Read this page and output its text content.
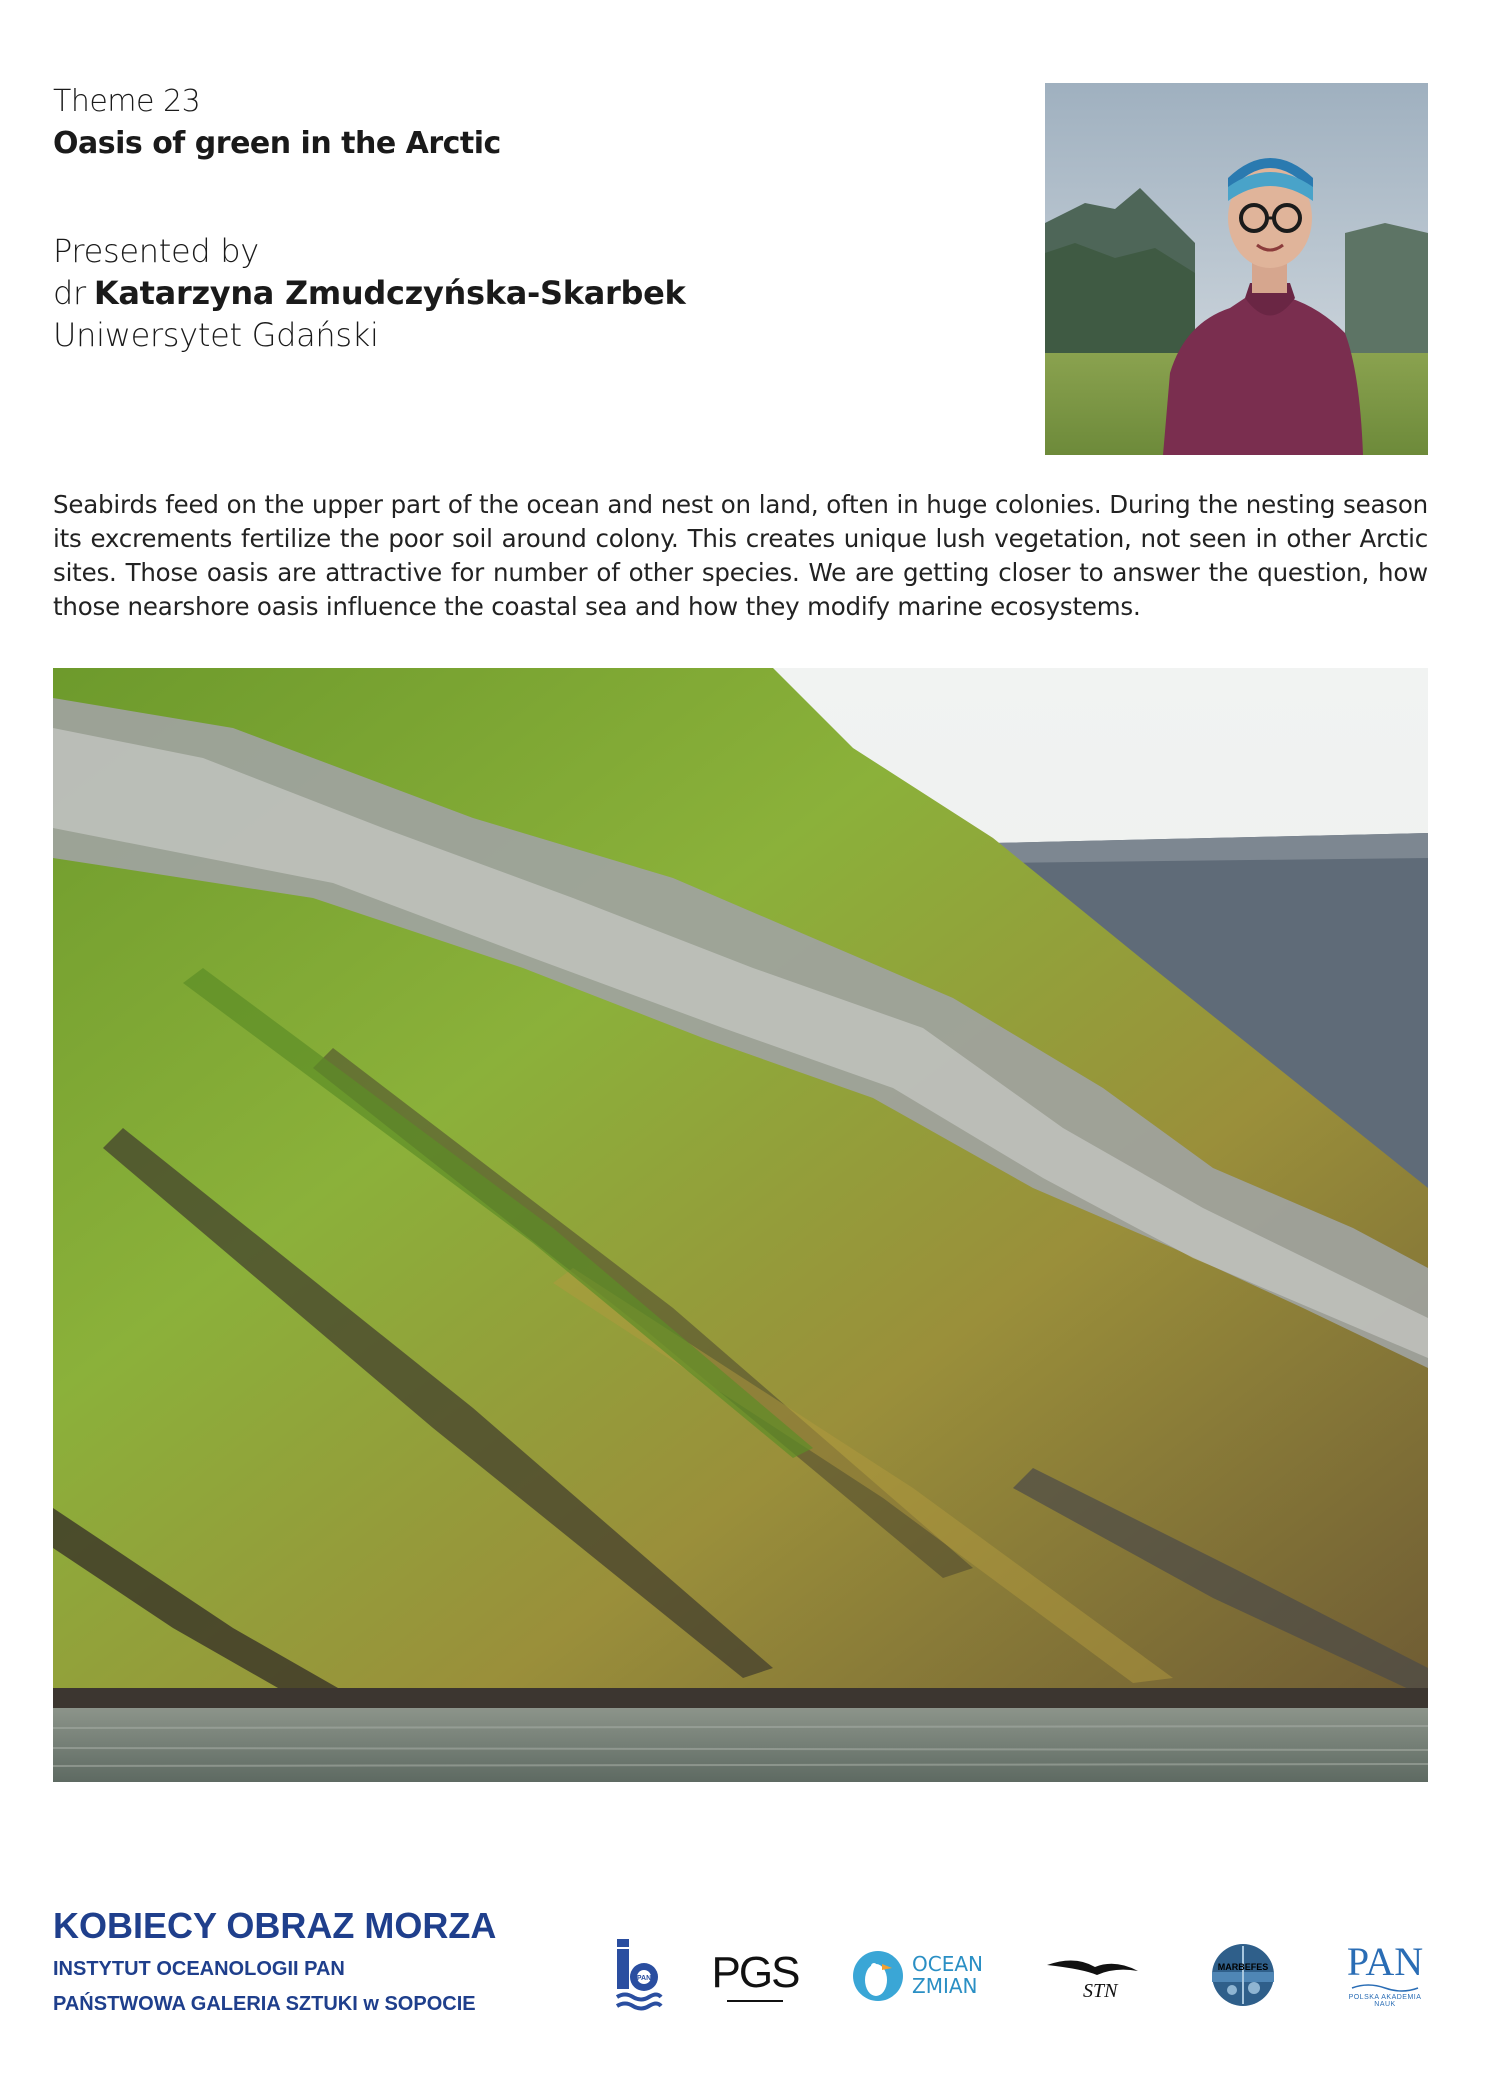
Theme 23
Oasis of green in the Arctic
Presented by
dr Katarzyna Zmudczyńska-Skarbek
Uniwersytet Gdański
Seabirds feed on the upper part of the ocean and nest on land, often in huge colonies. During the nesting season its excrements fertilize the poor soil around colony. This creates unique lush vegetation, not seen in other Arctic sites. Those oasis are attractive for number of other species. We are getting closer to answer the question, how those nearshore oasis influence the coastal sea and how they modify marine ecosystems.
KOBIECY OBRAZ MORZA
INSTYTUT OCEANOLOGII PAN
PAŃSTWOWA GALERIA SZTUKI w SOPOCIE
PAN PGS	OCEAN
ZMIAN	STN
MARBEFES PAN
POLSKA AKADEMIA NAUK
